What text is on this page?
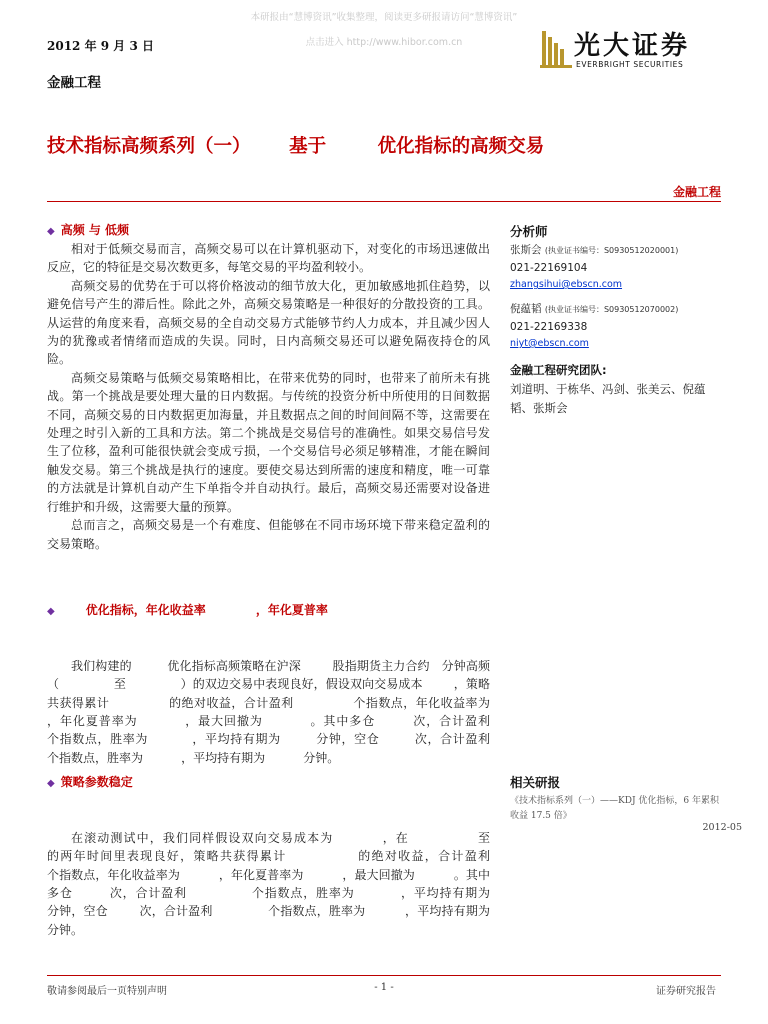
本研报由“慧博资讯”收集整理，阅读更多研报请访问“慧博资讯”
点击进入 http://www.hibor.com.cn
2012 年 9 月 3 日
金融工程
光大证券
EVERBRIGHT SECURITIES
技术指标高频系列（一）      基于        优化指标的高频交易
金融工程
◆ 高频 与 低频

相对于低频交易而言，高频交易可以在计算机驱动下，对变化的市场迅速做出反应，它的特征是交易次数更多，每笔交易的平均盈利较小。

高频交易的优势在于可以将价格波动的细节放大化，更加敏感地抓住趋势，以避免信号产生的滞后性。除此之外，高频交易策略是一种很好的分散投资的工具。从运营的角度来看，高频交易的全自动交易方式能够节约人力成本，并且减少因人为的犹豫或者情绪而造成的失误。同时，日内高频交易还可以避免隔夜持仓的风险。

高频交易策略与低频交易策略相比，在带来优势的同时，也带来了前所未有挑战。第一个挑战是要处理大量的日内数据。与传统的投资分析中所使用的日间数据不同，高频交易的日内数据更加海量，并且数据点之间的时间间隔不等，这需要在处理之时引入新的工具和方法。第二个挑战是交易信号的准确性。如果交易信号发生了位移，盈利可能很快就会变成亏损，一个交易信号必须足够精准，才能在瞬间触发交易。第三个挑战是执行的速度。要使交易达到所需的速度和精度，唯一可靠的方法就是计算机自动产生下单指令并自动执行。最后，高频交易还需要对设备进行维护和升级，这需要大量的预算。

总而言之，高频交易是一个有难度、但能够在不同市场环境下带来稳定盈利的交易策略。

◆      优化指标，年化收益率            ，年化夏普率

我们构建的         优化指标高频策略在沪深        股指期货主力合约   分钟高频（              至              ）的双边交易中表现良好，假设双向交易成本        ，策略共获得累计              的绝对收益，合计盈利              个指数点，年化收益率为              ，年化夏普率为          ，最大回撤为          。其中多仓        次，合计盈利              个指数点，胜率为          ，平均持有期为        分钟，空仓        次，合计盈利              个指数点，胜率为          ，平均持有期为          分钟。

◆ 策略参数稳定

在滚动测试中，我们同样假设双向交易成本为          ，在              至              的两年时间里表现良好，策略共获得累计              的绝对收益，合计盈利              个指数点，年化收益率为          ，年化夏普率为          ，最大回撤为          。其中多仓        次，合计盈利              个指数点，胜率为          ，平均持有期为          分钟，空仓        次，合计盈利              个指数点，胜率为          ，平均持有期为          分钟。

分析师
张斯会 (执业证书编号：S0930512020001)
021-22169104
zhangsihui@ebscn.com
倪蕴韬 (执业证书编号：S0930512070002)
021-22169338
niyt@ebscn.com
金融工程研究团队:
刘道明、于栋华、冯剑、张美云、倪蕴韬、张斯会
相关研报
《技术指标系列（一）——KDJ 优化指标，6 年累积收益 17.5 倍》
2012-05
敬请参阅最后一页特别声明	- 1 -	证券研究报告
